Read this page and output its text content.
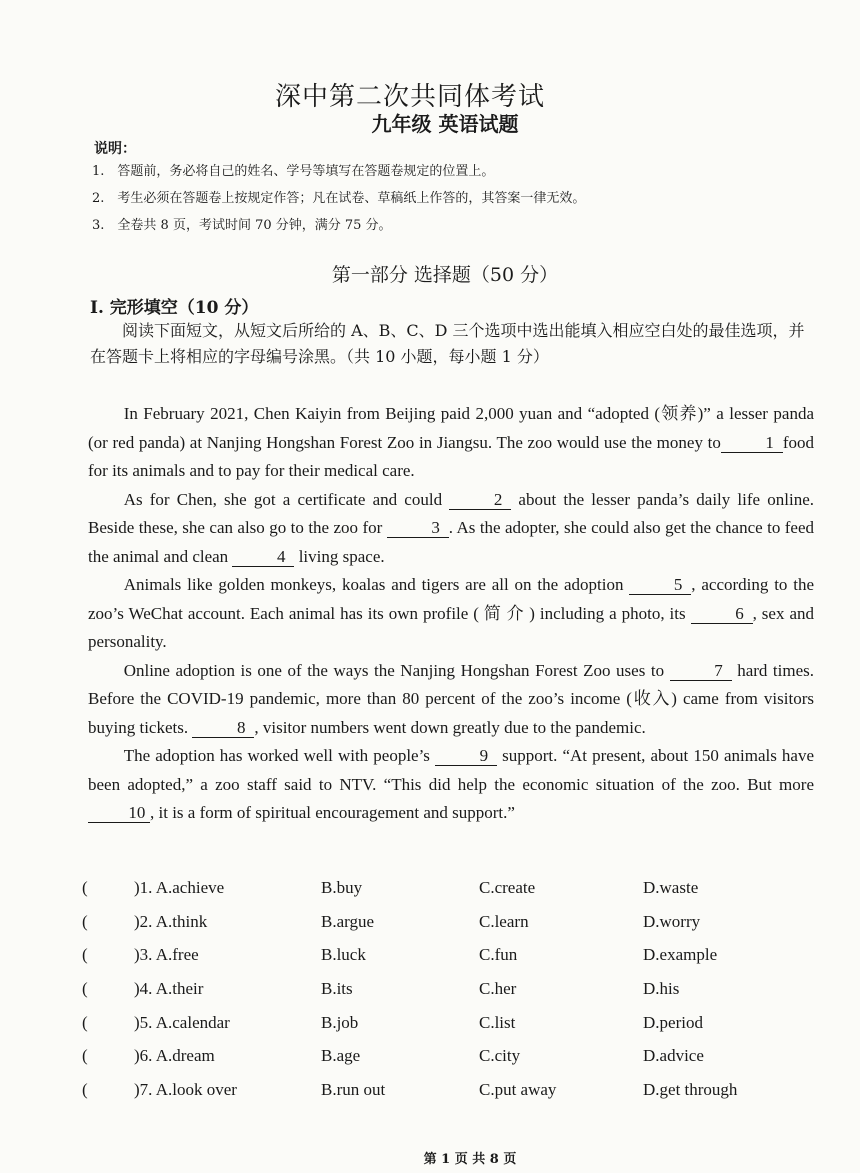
深中第二次共同体考试
九年级 英语试题
说明：
1.　答题前，务必将自己的姓名、学号等填写在答题卷规定的位置上。
2.　考生必须在答题卷上按规定作答；凡在试卷、草稿纸上作答的，其答案一律无效。
3.　全卷共 8 页，考试时间 70 分钟，满分 75 分。
第一部分 选择题（50 分）
I. 完形填空（10 分）
阅读下面短文，从短文后所给的 A、B、C、D 三个选项中选出能填入相应空白处的最佳选项，并在答题卡上将相应的字母编号涂黑。（共 10 小题，每小题 1 分）

In February 2021, Chen Kaiyin from Beijing paid 2,000 yuan and “adopted (领养)” a lesser panda (or red panda) at Nanjing Hongshan Forest Zoo in Jiangsu. The zoo would use the money to	1 food for its animals and to pay for their medical care.

As for Chen, she got a certificate and could	2 about the lesser panda’s daily life online. Beside these, she can also go to the zoo for	3 . As the adopter, she could also get the chance to feed the animal and clean	4 living space.

Animals like golden monkeys, koalas and tigers are all on the adoption	5 , according to the zoo’s WeChat account. Each animal has its own profile ( 简 介 ) including a photo, its	6 , sex and personality.

Online adoption is one of the ways the Nanjing Hongshan Forest Zoo uses to	7 hard times. Before the COVID-19 pandemic, more than 80 percent of the zoo’s income (收入) came from visitors buying tickets.	8 , visitor numbers went down greatly due to the pandemic.

The adoption has worked well with people’s	9 support. “At present, about 150 animals have been adopted,” a zoo staff said to NTV. “This did help the economic situation of the zoo. But more 10 , it is a form of spiritual encouragement and support.”

(	)1. A.achieve	B.buy	C.create	D.waste
(	)2. A.think	B.argue	C.learn	D.worry
(	)3. A.free	B.luck	C.fun	D.example
(	)4. A.their	B.its	C.her	D.his
(	)5. A.calendar	B.job	C.list	D.period
(	)6. A.dream	B.age	C.city	D.advice
(	)7. A.look over	B.run out	C.put away	D.get through
第 1 页 共 8 页
